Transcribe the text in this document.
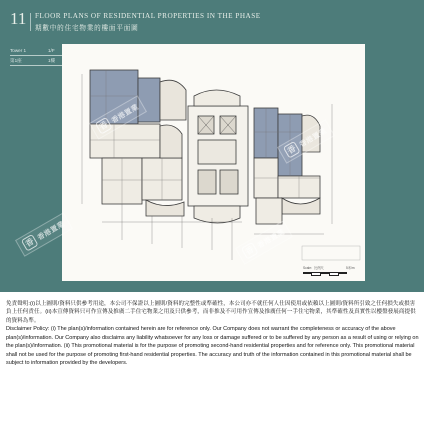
11 FLOOR PLANS OF RESIDENTIAL PROPERTIES IN THE PHASE
期數中的住宅物業的樓面平面圖
Tower 1	1/F
第1座	1樓
Scale：比例尺	5米/m
香
香港置業
香
香港置業
香
香港置業
香
香港置業

免責聲明:(i)以上圖則/資料只供參考用途，本公司不保證以上圖則/資料的完整性或準確性，本公司亦不就任何人仕因使用或依賴以上圖則/資料所引致之任何損失或損害負上任何責任。(ii)本宣傳資料只可作宣傳及推廣二手住宅物業之用及只供參考，而非推及不可用作宣傳及推廣任何一手住宅物業，其準確性及真實性以樓盤發展商提供的資料為準。

Disclaimer Policy: (i) The plan(s)/information contained herein are for reference only. Our Company does not warrant the completeness or accuracy of the above plan(s)/information. Our Company also disclaims any liability whatsoever for any loss or damage suffered or to be suffered by any person as a result of using or relying on the plan(s)/information. (ii) This promotional material is for the purpose of promoting second-hand residential properties and for reference only. This promotional material shall not be used for the purpose of promoting first-hand residential properties. The accuracy and truth of the information contained in this promotional material shall be subject to information provided by the developers.
